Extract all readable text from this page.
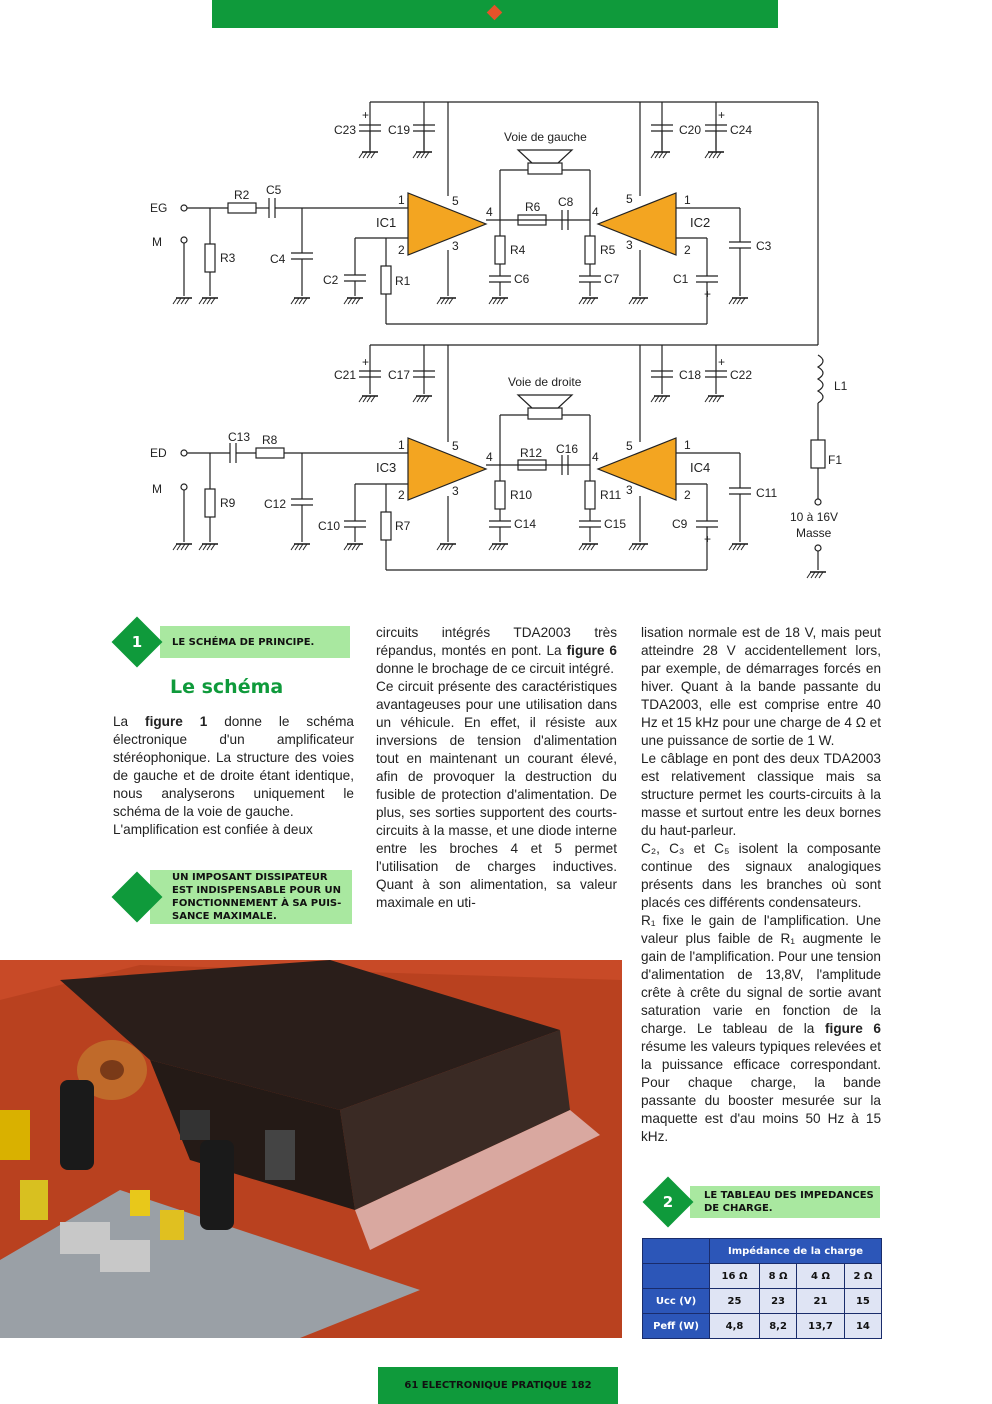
Voie de gauche
Voie de droite
EG
M
ED
M
IC1	IC2
IC3	IC4
R2 C5
R3	C4
C2	R1
C23	C19	C20 C24
R6 C8
R4
C6
R5
C7	C1
C3
1
2	3
4
5	1
2
3
4
5
C13 R8
R9 C12
C10	R7
C21	C17	C18 C22
R12 C16
R10
C14
R11
C15	C9
C11
1
2	3
4
5	1
2
3
4
5
+	+
+
+	+
+
L1
F1
10 à 16V
Masse
LE SCHÉMA DE PRINCIPE.
1
Le schéma

La figure 1 donne le schéma électronique d'un amplificateur stéréophonique. La structure des voies de gauche et de droite étant identique, nous analyserons uniquement le schéma de la voie de gauche.

L'amplification est confiée à deux

UN IMPOSANT DISSIPATEUR
EST INDISPENSABLE POUR UN
FONCTIONNEMENT À SA PUIS-
SANCE MAXIMALE.

circuits intégrés TDA2003 très répandus, montés en pont. La figure 6 donne le brochage de ce circuit intégré.

Ce circuit présente des caractéristiques avantageuses pour une utilisation dans un véhicule. En effet, il résiste aux inversions de tension d'alimentation tout en maintenant un courant élevé, afin de provoquer la destruction du fusible de protection d'alimentation. De plus, ses sorties supportent des courts-circuits à la masse, et une diode interne entre les broches 4 et 5 permet l'utilisation de charges inductives. Quant à son alimentation, sa valeur maximale en uti-

lisation normale est de 18 V, mais peut atteindre 28 V accidentellement lors, par exemple, de démarrages forcés en hiver. Quant à la bande passante du TDA2003, elle est comprise entre 40 Hz et 15 kHz pour une charge de 4 Ω et une puissance de sortie de 1 W.

Le câblage en pont des deux TDA2003 est relativement classique mais sa structure permet les courts-circuits à la masse et surtout entre les deux bornes du haut-parleur.

C₂, C₃ et C₅ isolent la composante continue des signaux analogiques présents dans les branches où sont placés ces différents condensateurs.

R₁ fixe le gain de l'amplification. Une valeur plus faible de R₁ augmente le gain de l'amplification. Pour une tension d'alimentation de 13,8V, l'amplitude crête à crête du signal de sortie avant saturation varie en fonction de la charge. Le tableau de la figure 6 résume les valeurs typiques relevées et la puissance efficace correspondant. Pour chaque charge, la bande passante du booster mesurée sur la maquette est d'au moins 50 Hz à 15 kHz.

LE TABLEAU DES IMPEDANCES
DE CHARGE.
2
	Impédance de la charge			
	16 Ω	8 Ω	4 Ω	2 Ω
Ucc (V)	25	23	21	15
Peff (W)	4,8	8,2	13,7	14
61 ELECTRONIQUE PRATIQUE 182
